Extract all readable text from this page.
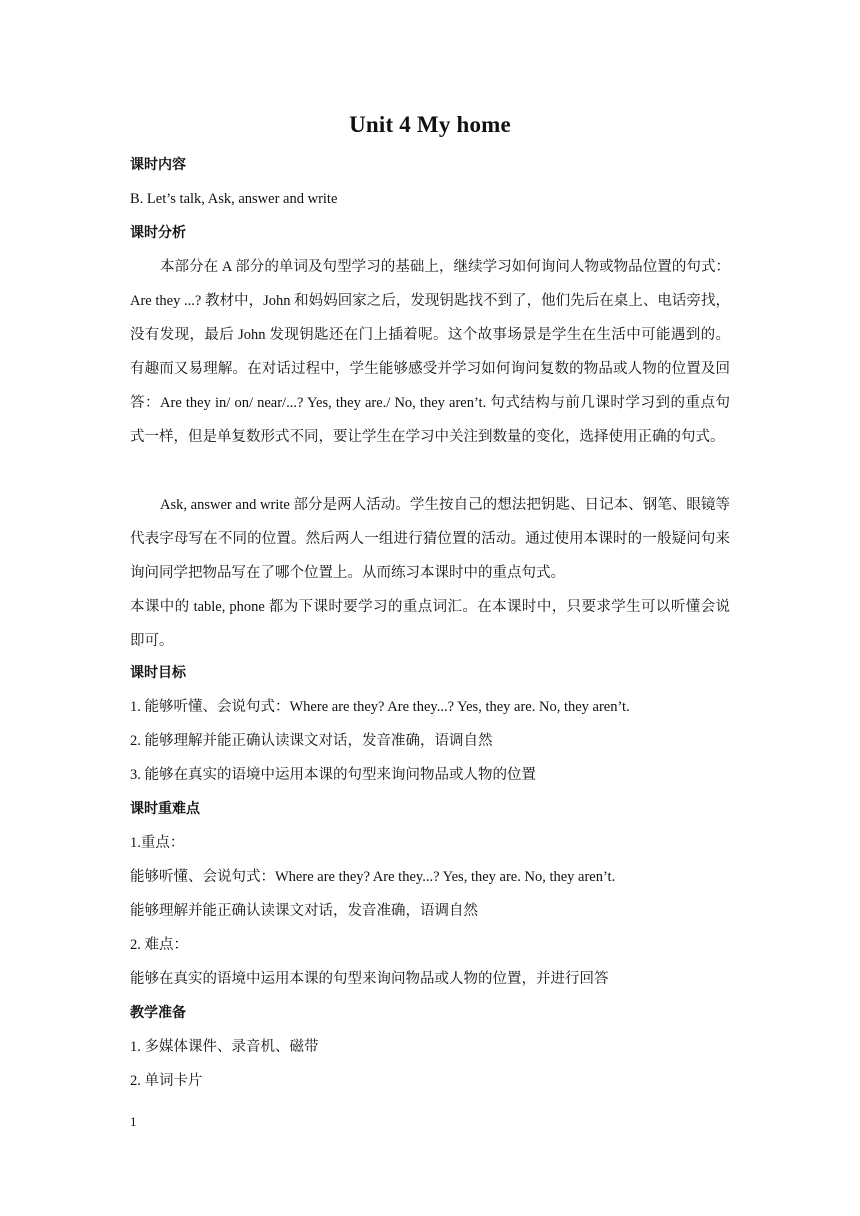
Unit 4 My home
课时内容
B. Let’s talk, Ask, answer and write
课时分析
本部分在 A 部分的单词及句型学习的基础上，继续学习如何询问人物或物品位置的句式：Are they ...? 教材中，John 和妈妈回家之后，发现钥匙找不到了，他们先后在桌上、电话旁找，没有发现，最后 John 发现钥匙还在门上插着呢。这个故事场景是学生在生活中可能遇到的。有趣而又易理解。在对话过程中，学生能够感受并学习如何询问复数的物品或人物的位置及回答：Are they in/ on/ near/...? Yes, they are./ No, they aren’t. 句式结构与前几课时学习到的重点句式一样，但是单复数形式不同，要让学生在学习中关注到数量的变化，选择使用正确的句式。
Ask, answer and write 部分是两人活动。学生按自己的想法把钥匙、日记本、钢笔、眼镜等代表字母写在不同的位置。然后两人一组进行猜位置的活动。通过使用本课时的一般疑问句来询问同学把物品写在了哪个位置上。从而练习本课时中的重点句式。
本课中的 table, phone 都为下课时要学习的重点词汇。在本课时中，只要求学生可以听懂会说即可。
课时目标
1. 能够听懂、会说句式：Where are they? Are they...? Yes, they are. No, they aren’t.
2. 能够理解并能正确认读课文对话，发音准确，语调自然
3. 能够在真实的语境中运用本课的句型来询问物品或人物的位置
课时重难点
1.重点：
能够听懂、会说句式：Where are they? Are they...? Yes, they are. No, they aren’t.
能够理解并能正确认读课文对话，发音准确，语调自然
2. 难点：
能够在真实的语境中运用本课的句型来询问物品或人物的位置，并进行回答
教学准备
1. 多媒体课件、录音机、磁带
2. 单词卡片
1
